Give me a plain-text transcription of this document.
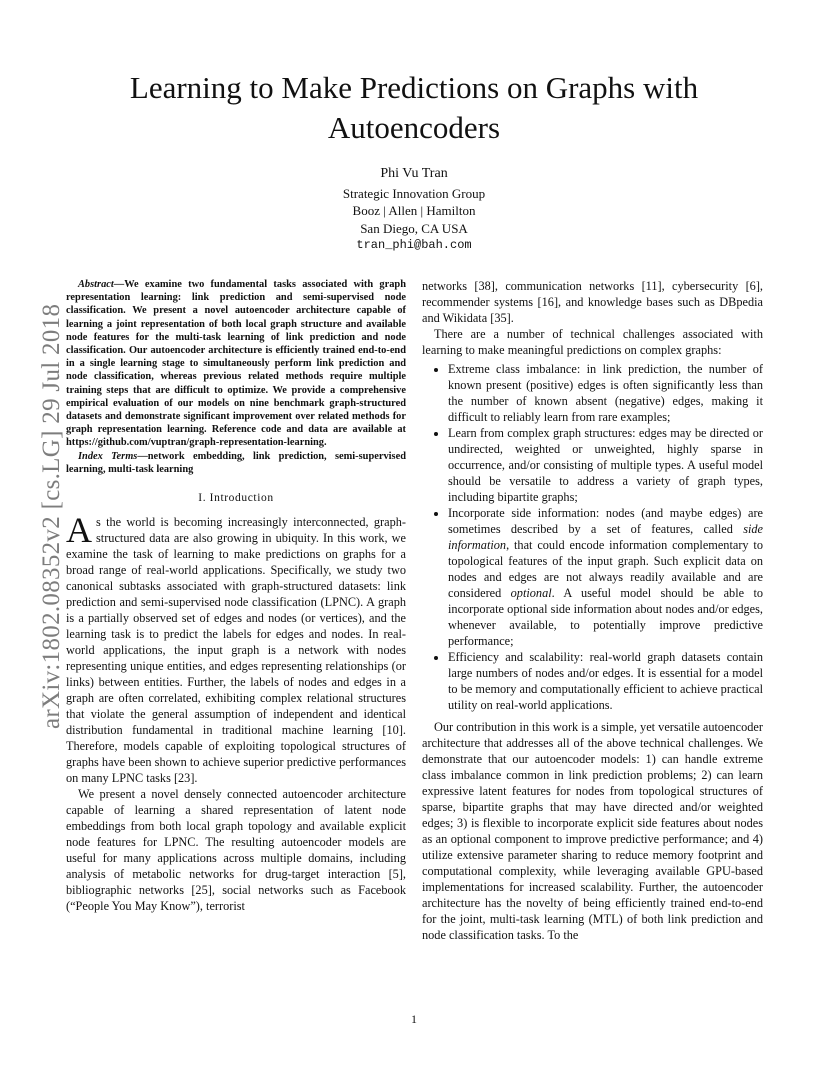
Learning to Make Predictions on Graphs with Autoencoders
Phi Vu Tran
Strategic Innovation Group
Booz | Allen | Hamilton
San Diego, CA USA
tran_phi@bah.com
arXiv:1802.08352v2 [cs.LG] 29 Jul 2018

Abstract—We examine two fundamental tasks associated with graph representation learning: link prediction and semi-supervised node classification. We present a novel autoencoder architecture capable of learning a joint representation of both local graph structure and available node features for the multi-task learning of link prediction and node classification. Our autoencoder architecture is efficiently trained end-to-end in a single learning stage to simultaneously perform link prediction and node classification, whereas previous related methods require multiple training steps that are difficult to optimize. We provide a comprehensive empirical evaluation of our models on nine benchmark graph-structured datasets and demonstrate significant improvement over related methods for graph representation learning. Reference code and data are available at https://github.com/vuptran/graph-representation-learning.

Index Terms—network embedding, link prediction, semi-supervised learning, multi-task learning

I. Introduction

As the world is becoming increasingly interconnected, graph-structured data are also growing in ubiquity. In this work, we examine the task of learning to make predictions on graphs for a broad range of real-world applications. Specifically, we study two canonical subtasks associated with graph-structured datasets: link prediction and semi-supervised node classification (LPNC). A graph is a partially observed set of edges and nodes (or vertices), and the learning task is to predict the labels for edges and nodes. In real-world applications, the input graph is a network with nodes representing unique entities, and edges representing relationships (or links) between entities. Further, the labels of nodes and edges in a graph are often correlated, exhibiting complex relational structures that violate the general assumption of independent and identical distribution fundamental in traditional machine learning [10]. Therefore, models capable of exploiting topological structures of graphs have been shown to achieve superior predictive performances on many LPNC tasks [23].

We present a novel densely connected autoencoder architecture capable of learning a shared representation of latent node embeddings from both local graph topology and available explicit node features for LPNC. The resulting autoencoder models are useful for many applications across multiple domains, including analysis of metabolic networks for drug-target interaction [5], bibliographic networks [25], social networks such as Facebook (“People You May Know”), terrorist

networks [38], communication networks [11], cybersecurity [6], recommender systems [16], and knowledge bases such as DBpedia and Wikidata [35].

There are a number of technical challenges associated with learning to make meaningful predictions on complex graphs:

• Extreme class imbalance: in link prediction, the number of known present (positive) edges is often significantly less than the number of known absent (negative) edges, making it difficult to reliably learn from rare examples;
• Learn from complex graph structures: edges may be directed or undirected, weighted or unweighted, highly sparse in occurrence, and/or consisting of multiple types. A useful model should be versatile to address a variety of graph types, including bipartite graphs;
• Incorporate side information: nodes (and maybe edges) are sometimes described by a set of features, called side information, that could encode information complementary to topological features of the input graph. Such explicit data on nodes and edges are not always readily available and are considered optional. A useful model should be able to incorporate optional side information about nodes and/or edges, whenever available, to potentially improve predictive performance;
• Efficiency and scalability: real-world graph datasets contain large numbers of nodes and/or edges. It is essential for a model to be memory and computationally efficient to achieve practical utility on real-world applications.

Our contribution in this work is a simple, yet versatile autoencoder architecture that addresses all of the above technical challenges. We demonstrate that our autoencoder models: 1) can handle extreme class imbalance common in link prediction problems; 2) can learn expressive latent features for nodes from topological structures of sparse, bipartite graphs that may have directed and/or weighted edges; 3) is flexible to incorporate explicit side features about nodes as an optional component to improve predictive performance; and 4) utilize extensive parameter sharing to reduce memory footprint and computational complexity, while leveraging available GPU-based implementations for increased scalability. Further, the autoencoder architecture has the novelty of being efficiently trained end-to-end for the joint, multi-task learning (MTL) of both link prediction and node classification tasks. To the

1
